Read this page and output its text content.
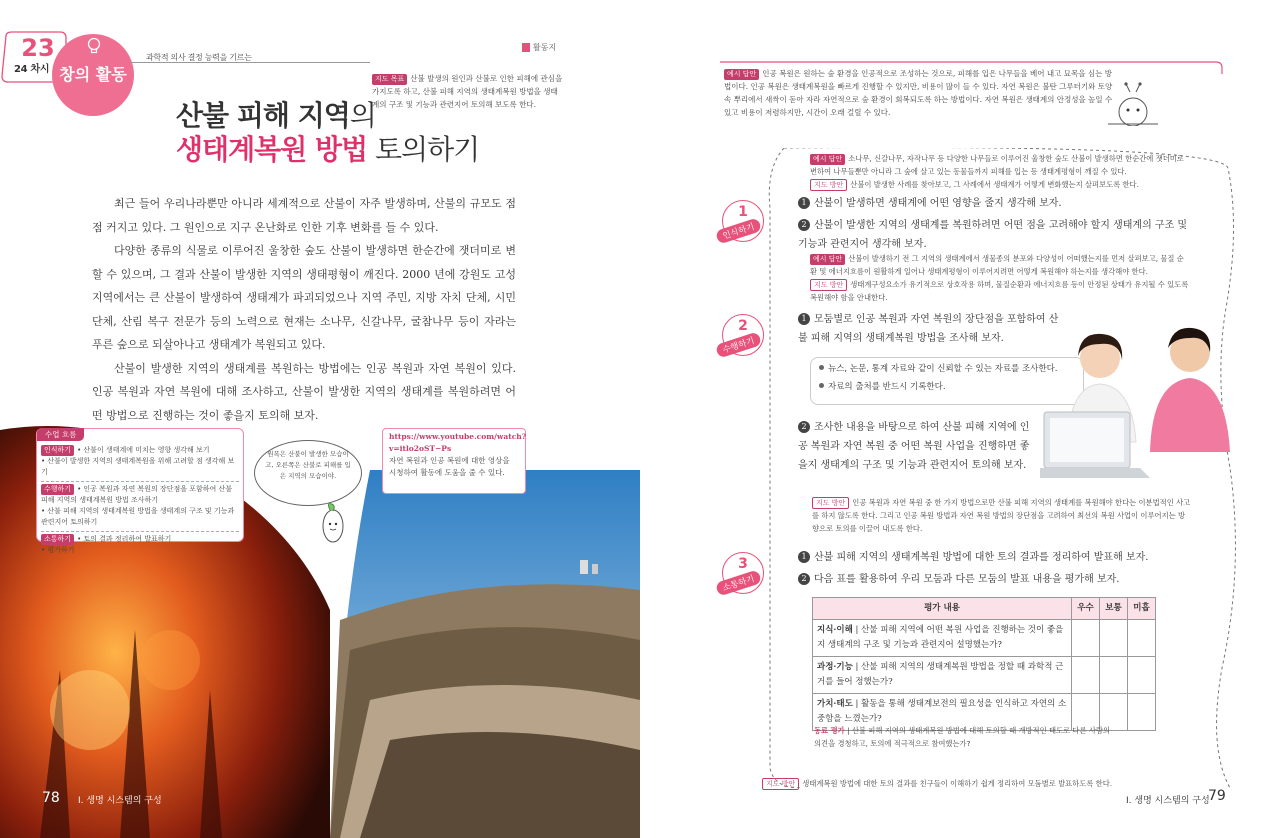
23
24 차시 창의 활동
과학적 의사 결정 능력을 기르는
산불 피해 지역의
생태계복원 방법 토의하기
지도 목표 산불 발생의 원인과 산불로 인한 피해에 관심을 가지도록 하고, 산불 피해 지역의 생태계복원 방법을 생태계의 구조 및 기능과 관련지어 토의해 보도록 한다.

최근 들어 우리나라뿐만 아니라 세계적으로 산불이 자주 발생하며, 산불의 규모도 점점 커지고 있다. 그 원인으로 지구 온난화로 인한 기후 변화를 들 수 있다.

다양한 종류의 식물로 이루어진 울창한 숲도 산불이 발생하면 한순간에 잿더미로 변할 수 있으며, 그 결과 산불이 발생한 지역의 생태평형이 깨진다. 2000 년에 강원도 고성 지역에서는 큰 산불이 발생하여 생태계가 파괴되었으나 지역 주민, 지방 자치 단체, 시민 단체, 산림 복구 전문가 등의 노력으로 현재는 소나무, 신갈나무, 굴참나무 등이 자라는 푸른 숲으로 되살아나고 생태계가 복원되고 있다.

산불이 발생한 지역의 생태계를 복원하는 방법에는 인공 복원과 자연 복원이 있다. 인공 복원과 자연 복원에 대해 조사하고, 산불이 발생한 지역의 생태계를 복원하려면 어떤 방법으로 진행하는 것이 좋을지 토의해 보자.

수업 흐름
인식하기 • 산불이 생태계에 미치는 영향 생각해 보기
• 산불이 발생한 지역의 생태계복원을 위해 고려할 점 생각해 보기
수행하기 • 인공 복원과 자연 복원의 장단점을 포함하여 산불 피해 지역의 생태계복원 방법 조사하기
• 산불 피해 지역의 생태계복원 방법을 생태계의 구조 및 기능과 관련지어 토의하기
소통하기 • 토의 결과 정리하여 발표하기
• 평가하기
원폭은 산불이 발생한 모습이고, 오른쪽은 산불로 피해를 입은 지역의 모습이야.
https://www.youtube.com/watch?v=itlo2oST−Ps
자연 복원과 인공 복원에 대한 영상을 시청하여 활동에 도움을 줄 수 있다.
78 Ⅰ. 생명 시스템의 구성
활동지
예시 답안 인공 복원은 원하는 숲 환경을 인공적으로 조성하는 것으로, 피해를 입은 나무들을 베어 내고 묘목을 심는 방법이다. 인공 복원은 생태계복원을 빠르게 진행할 수 있지만, 비용이 많이 들 수 있다. 자연 복원은 불탄 그루터기와 토양 속 뿌리에서 새싹이 돋아 자라 자연적으로 숲 환경이 회복되도록 하는 방법이다. 자연 복원은 생태계의 안정성을 높일 수 있고 비용이 저렴하지만, 시간이 오래 걸릴 수 있다.
1
인식하기
2
수행하기
3
소통하기
예시 답안 소나무, 신갈나무, 자작나무 등 다양한 나무들로 이루어진 울창한 숲도 산불이 발생하면 한순간에 잿더미로 변하여 나무들뿐만 아니라 그 숲에 살고 있는 동물들까지 피해를 입는 등 생태계평형이 깨질 수 있다.
지도 방안 산불이 발생한 사례를 찾아보고, 그 사례에서 생태계가 어떻게 변화했는지 살펴보도록 한다.
1 산불이 발생하면 생태계에 어떤 영향을 줄지 생각해 보자.
2 산불이 발생한 지역의 생태계를 복원하려면 어떤 점을 고려해야 할지 생태계의 구조 및 기능과 관련지어 생각해 보자.
예시 답안 산불이 발생하기 전 그 지역의 생태계에서 생물종의 분포와 다양성이 어떠했는지를 먼저 살펴보고, 물질 순환 및 에너지흐름이 원활하게 일어나 생태계평형이 이루어지려면 어떻게 복원해야 하는지를 생각해야 한다.
지도 방안 생태계구성요소가 유기적으로 상호작용 하며, 물질순환과 에너지흐름 등이 안정된 상태가 유지될 수 있도록 복원해야 함을 안내한다.
1 모둠별로 인공 복원과 자연 복원의 장단점을 포함하여 산불 피해 지역의 생태계복원 방법을 조사해 보자.
뉴스, 논문, 통계 자료와 같이 신뢰할 수 있는 자료를 조사한다.
자료의 출처를 반드시 기록한다.
2 조사한 내용을 바탕으로 하여 산불 피해 지역에 인공 복원과 자연 복원 중 어떤 복원 사업을 진행하면 좋을지 생태계의 구조 및 기능과 관련지어 토의해 보자.
지도 방안 인공 복원과 자연 복원 중 한 가지 방법으로만 산불 피해 지역의 생태계를 복원해야 한다는 이분법적인 사고를 하지 않도록 한다. 그리고 인공 복원 방법과 자연 복원 방법의 장단점을 고려하여 최선의 복원 사업이 이루어지는 방향으로 토의를 이끌어 내도록 한다.
1 산불 피해 지역의 생태계복원 방법에 대한 토의 결과를 정리하여 발표해 보자.
2 다음 표를 활용하여 우리 모둠과 다른 모둠의 발표 내용을 평가해 보자.
평가 내용	우수	보통	미흡
지식·이해 | 산불 피해 지역에 어떤 복원 사업을 진행하는 것이 좋을지 생태계의 구조 및 기능과 관련지어 설명했는가?			
과정·기능 | 산불 피해 지역의 생태계복원 방법을 정할 때 과학적 근거를 들어 정했는가?			
가치·태도 | 활동을 통해 생태계보전의 필요성을 인식하고 자연의 소중함을 느꼈는가?			
동료 평가 | 산불 피해 지역의 생태계복원 방법에 대해 토의할 때 개방적인 태도로 다른 사람의 의견을 경청하고, 토의에 적극적으로 참여했는가?
지도 방안 생태계복원 방법에 대한 토의 결과를 친구들이 이해하기 쉽게 정리하여 모둠별로 발표하도록 한다.
Ⅰ. 생명 시스템의 구성
79
